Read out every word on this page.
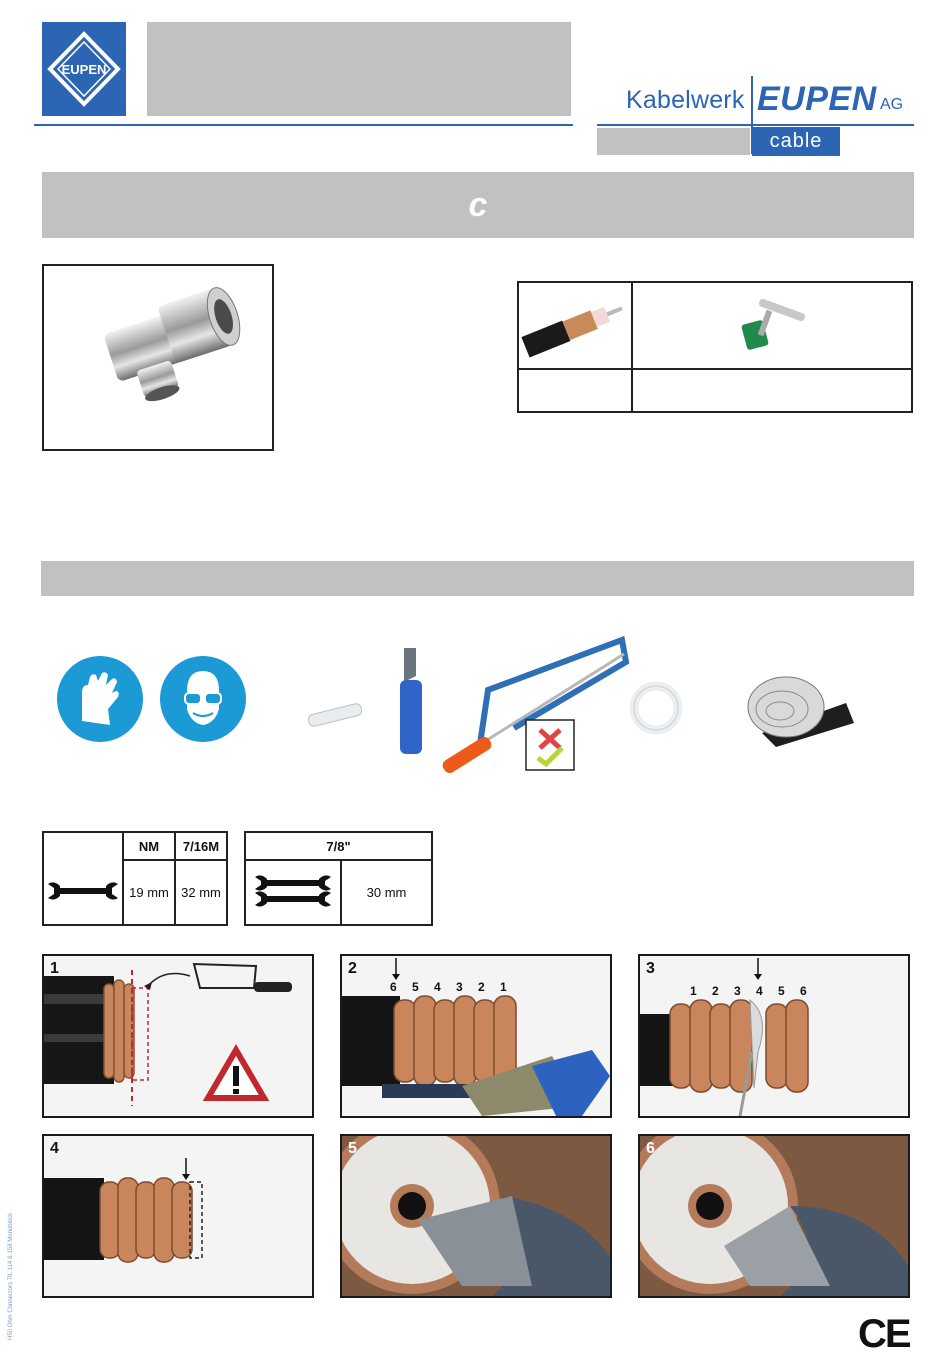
EUPEN
Kabelwerk EUPEN AG
cable
c

	NM	7/16M
	19 mm	32 mm
7/8"
	30 mm
1	2
6 5 4 3 2 1
3
1 2 3 4 5 6
4	5	6
H50 Ohm Connectors 78, 114 & 158 Monoblock	CE
